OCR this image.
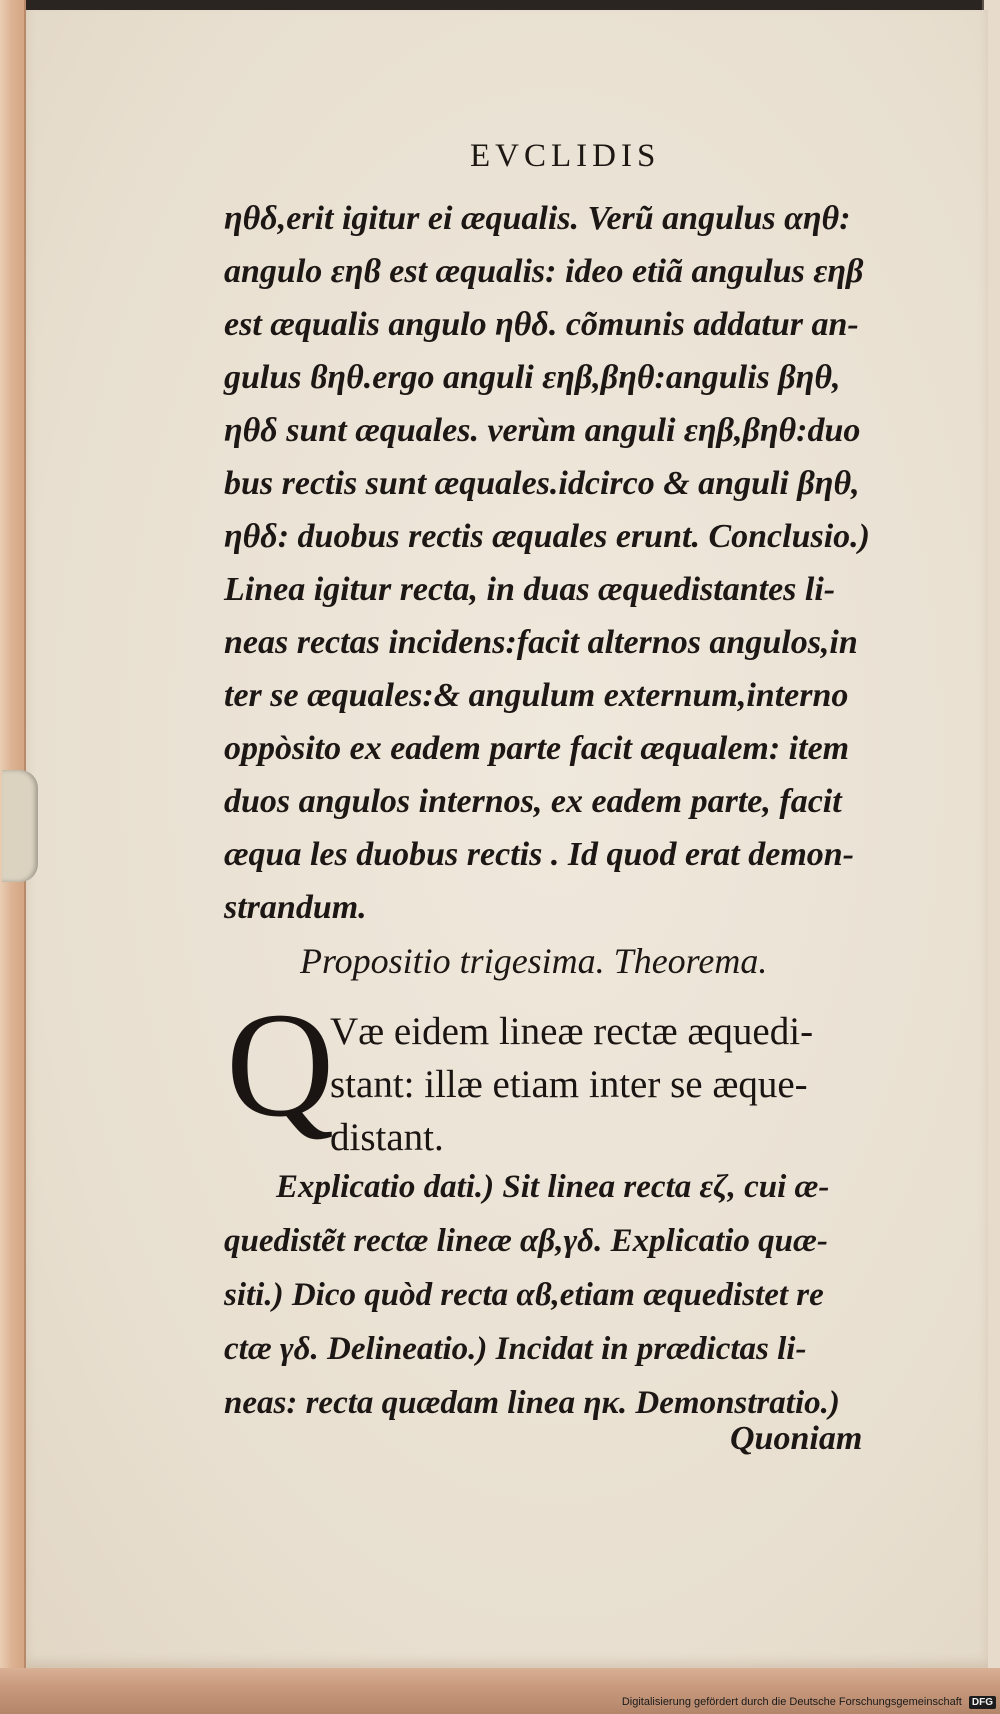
EVCLIDIS
ηθδ,erit igitur ei æqualis. Verũ angulus αηθ:
angulo εηϐ est æqualis: ideo etiã angulus εηβ
est æqualis angulo ηθδ. cõmunis addatur an-
gulus ϐηθ.ergo anguli εηβ,βηθ:angulis βηθ,
ηθδ sunt æquales. verùm anguli εηβ,βηθ:duo
bus rectis sunt æquales.idcirco & anguli βηθ,
ηθδ: duobus rectis æquales erunt. Conclusio.)
Linea igitur recta, in duas æquedistantes li-
neas rectas incidens:facit alternos angulos,in
ter se æquales:& angulum externum,interno
oppòsito ex eadem parte facit æqualem: item
duos angulos internos, ex eadem parte, facit
æqua les duobus rectis . Id quod erat demon-
strandum.
Propositio trigesima. Theorema.
Q
Væ eidem lineæ rectæ æquedi-
stant: illæ etiam inter se æque-
distant.
Explicatio dati.) Sit linea recta εζ, cui æ-
quedistẽt rectæ lineæ αβ,γδ. Explicatio quæ-
siti.) Dico quòd recta αϐ,etiam æquedistet re
ctæ γδ. Delineatio.) Incidat in prædictas li-
neas: recta quædam linea ηκ. Demonstratio.)
Quoniam
Digitalisierung gefördert durch die Deutsche Forschungsgemeinschaft DFG
